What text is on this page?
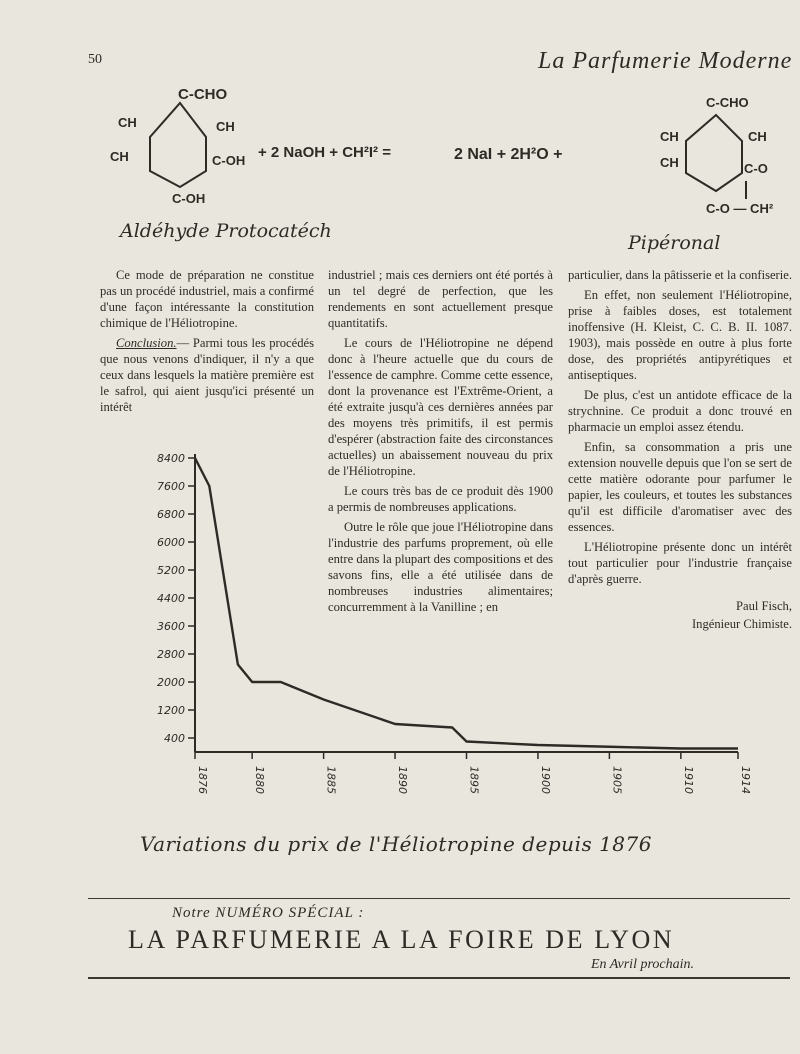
50	La Parfumerie Moderne
C-CHO
CH
CH
CH
C-OH
C-OH
+ 2 NaOH + CH²I² =	2 NaI + 2H²O +
C-CHO
CH	CH
CH	C-O
C-O — CH²
Aldéhyde Protocatéch
Pipéronal

Ce mode de préparation ne constitue pas un procédé industriel, mais a confirmé d'une façon intéressante la constitution chimique de l'Héliotropine.

Conclusion.— Parmi tous les procédés que nous venons d'indiquer, il n'y a que ceux dans lesquels la matière première est le safrol, qui aient jusqu'ici présenté un intérêt

industriel ; mais ces derniers ont été portés à un tel degré de perfection, que les rendements en sont actuellement presque quantitatifs.

Le cours de l'Héliotropine ne dépend donc à l'heure actuelle que du cours de l'essence de camphre. Comme cette essence, dont la provenance est l'Extrême-Orient, a été extraite jusqu'à ces dernières années par des moyens très primitifs, il est permis d'espérer (abstraction faite des circonstances actuelles) un abaissement nouveau du prix de l'Héliotropine.

Le cours très bas de ce produit dès 1900 a permis de nombreuses applications.

Outre le rôle que joue l'Héliotropine dans l'industrie des parfums proprement, où elle entre dans la plupart des compositions et des savons fins, elle a été utilisée dans de nombreuses industries alimentaires; concurremment à la Vanilline ; en

particulier, dans la pâtisserie et la confiserie.

En effet, non seulement l'Héliotropine, prise à faibles doses, est totalement inoffensive (H. Kleist, C. C. B. II. 1087. 1903), mais possède en outre à plus forte dose, des propriétés antipyrétiques et antiseptiques.

De plus, c'est un antidote efficace de la strychnine. Ce produit a donc trouvé en pharmacie un emploi assez étendu.

Enfin, sa consommation a pris une extension nouvelle depuis que l'on se sert de cette matière odorante pour parfumer le papier, les couleurs, et toutes les substances qu'il est difficile d'aromatiser avec des essences.

L'Héliotropine présente donc un intérêt tout particulier pour l'industrie française d'après guerre.

Paul Fisch,
Ingénieur Chimiste.
400
1200
2000
2800
3600
4400
5200
6000
6800
7600
8400
1876	1880	1885	1890	1895	1900	1905	1910	1914
Variations du prix de l'Héliotropine depuis 1876
Notre NUMÉRO SPÉCIAL :
LA PARFUMERIE A LA FOIRE DE LYON
En Avril prochain.
